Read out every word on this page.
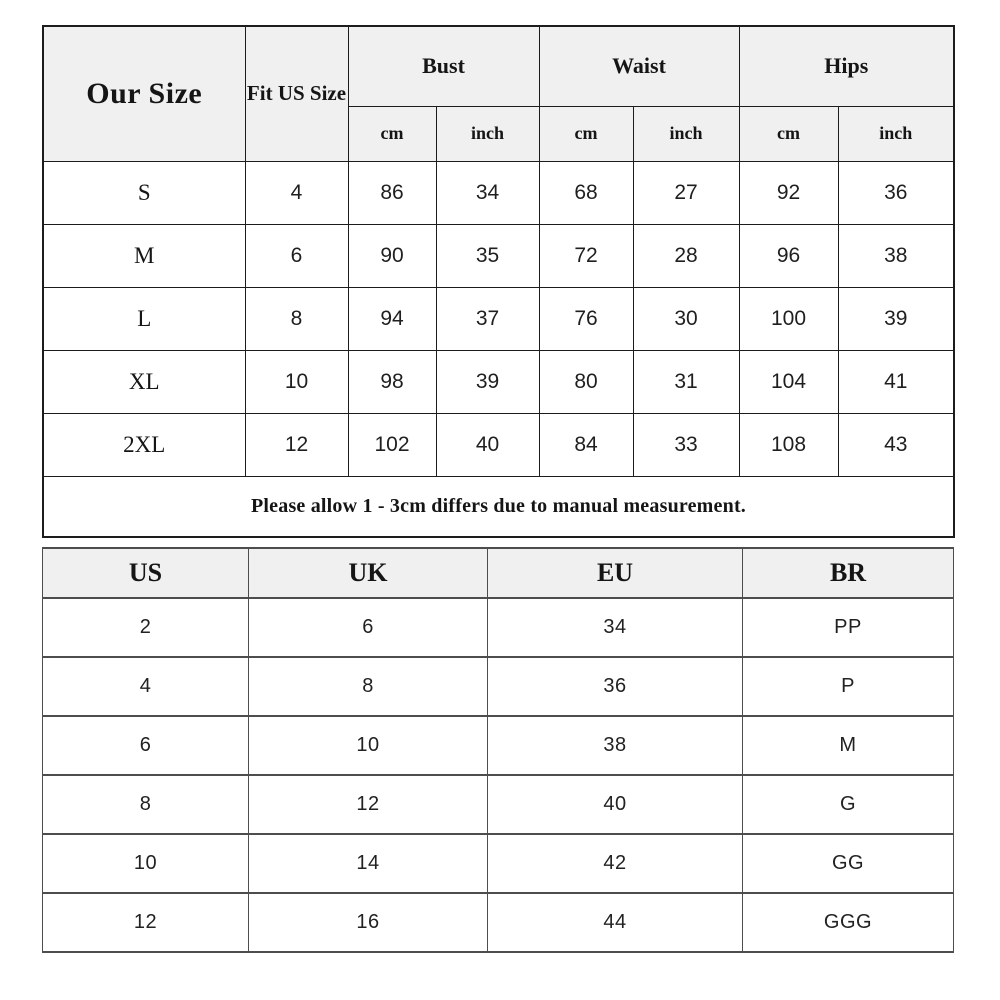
Our Size	Fit US Size	Bust		Waist		Hips	
		cm	inch	cm	inch	cm	inch
S	4	86	34	68	27	92	36
M	6	90	35	72	28	96	38
L	8	94	37	76	30	100	39
XL	10	98	39	80	31	104	41
2XL	12	102	40	84	33	108	43
Please allow 1 - 3cm differs due to manual measurement.							
US	UK	EU	BR
2	6	34	PP
4	8	36	P
6	10	38	M
8	12	40	G
10	14	42	GG
12	16	44	GGG
